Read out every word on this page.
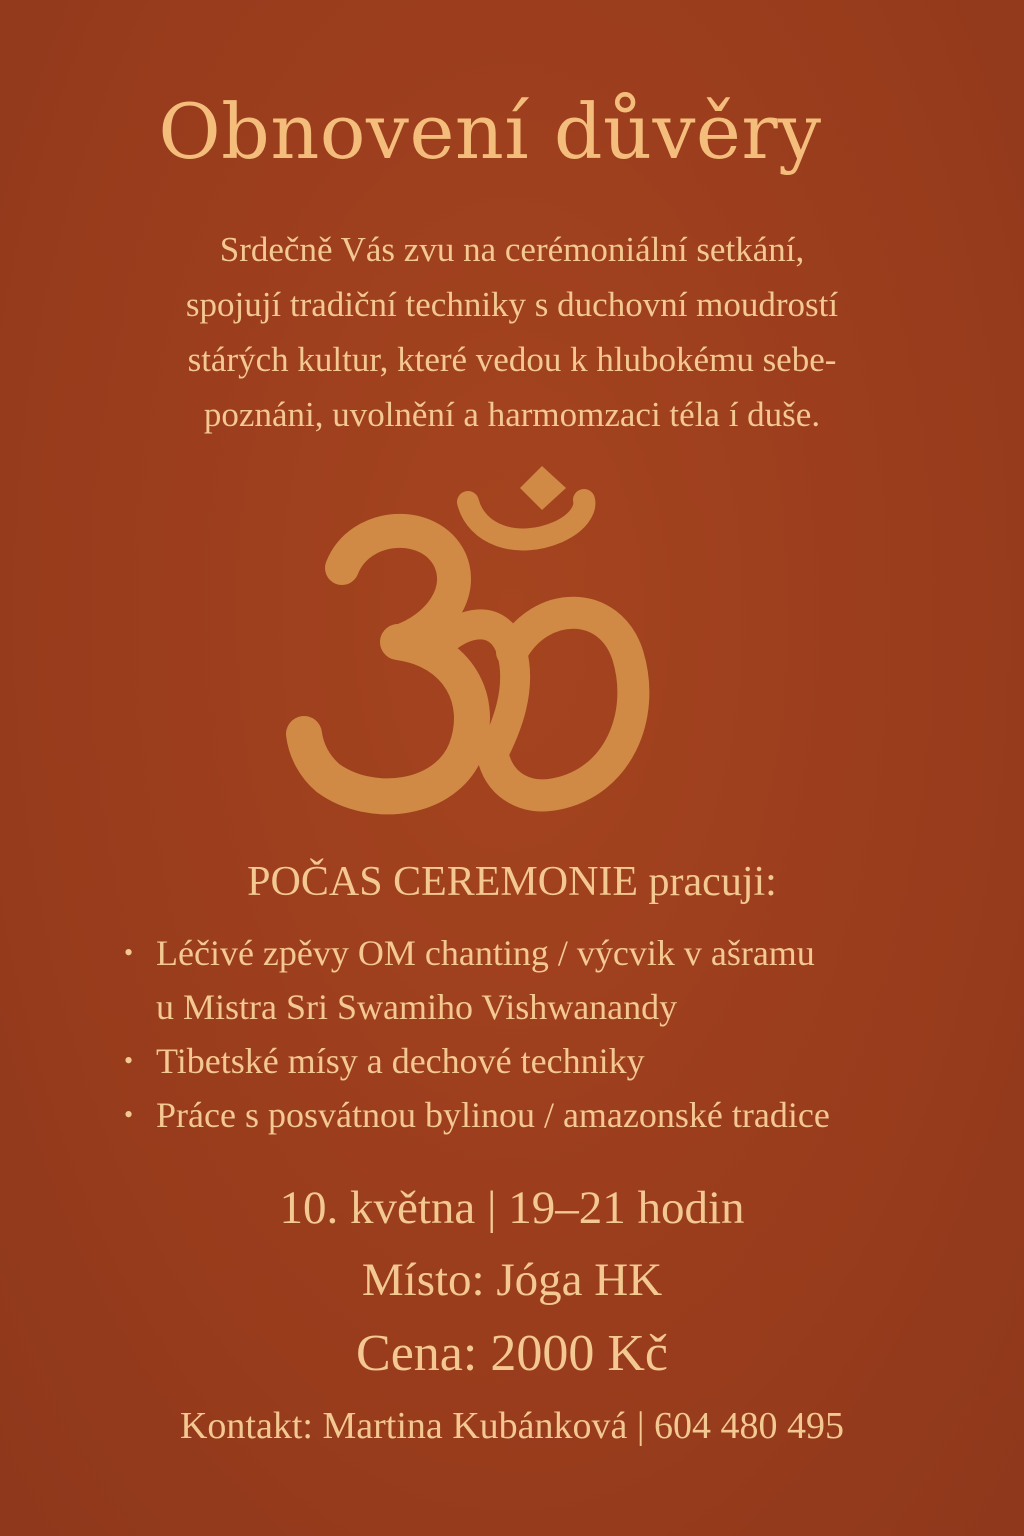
Obnovení důvěry
Srdečně Vás zvu na cerémoniální setkání,
spojují tradiční techniky s duchovní moudrostí
stárých kultur, které vedou k hlubokému sebe-
poznáni, uvolnění a harmomzaci téla í duše.
POČAS CEREMONIE pracuji:
• Léčivé zpěvy OM chanting / výcvik v ašramu
u Mistra Sri Swamiho Vishwanandy
• Tibetské mísy a dechové techniky
• Práce s posvátnou bylinou / amazonské tradice
10. května | 19–21 hodin
Místo: Jóga HK
Cena: 2000 Kč
Kontakt: Martina Kubánková | 604 480 495
